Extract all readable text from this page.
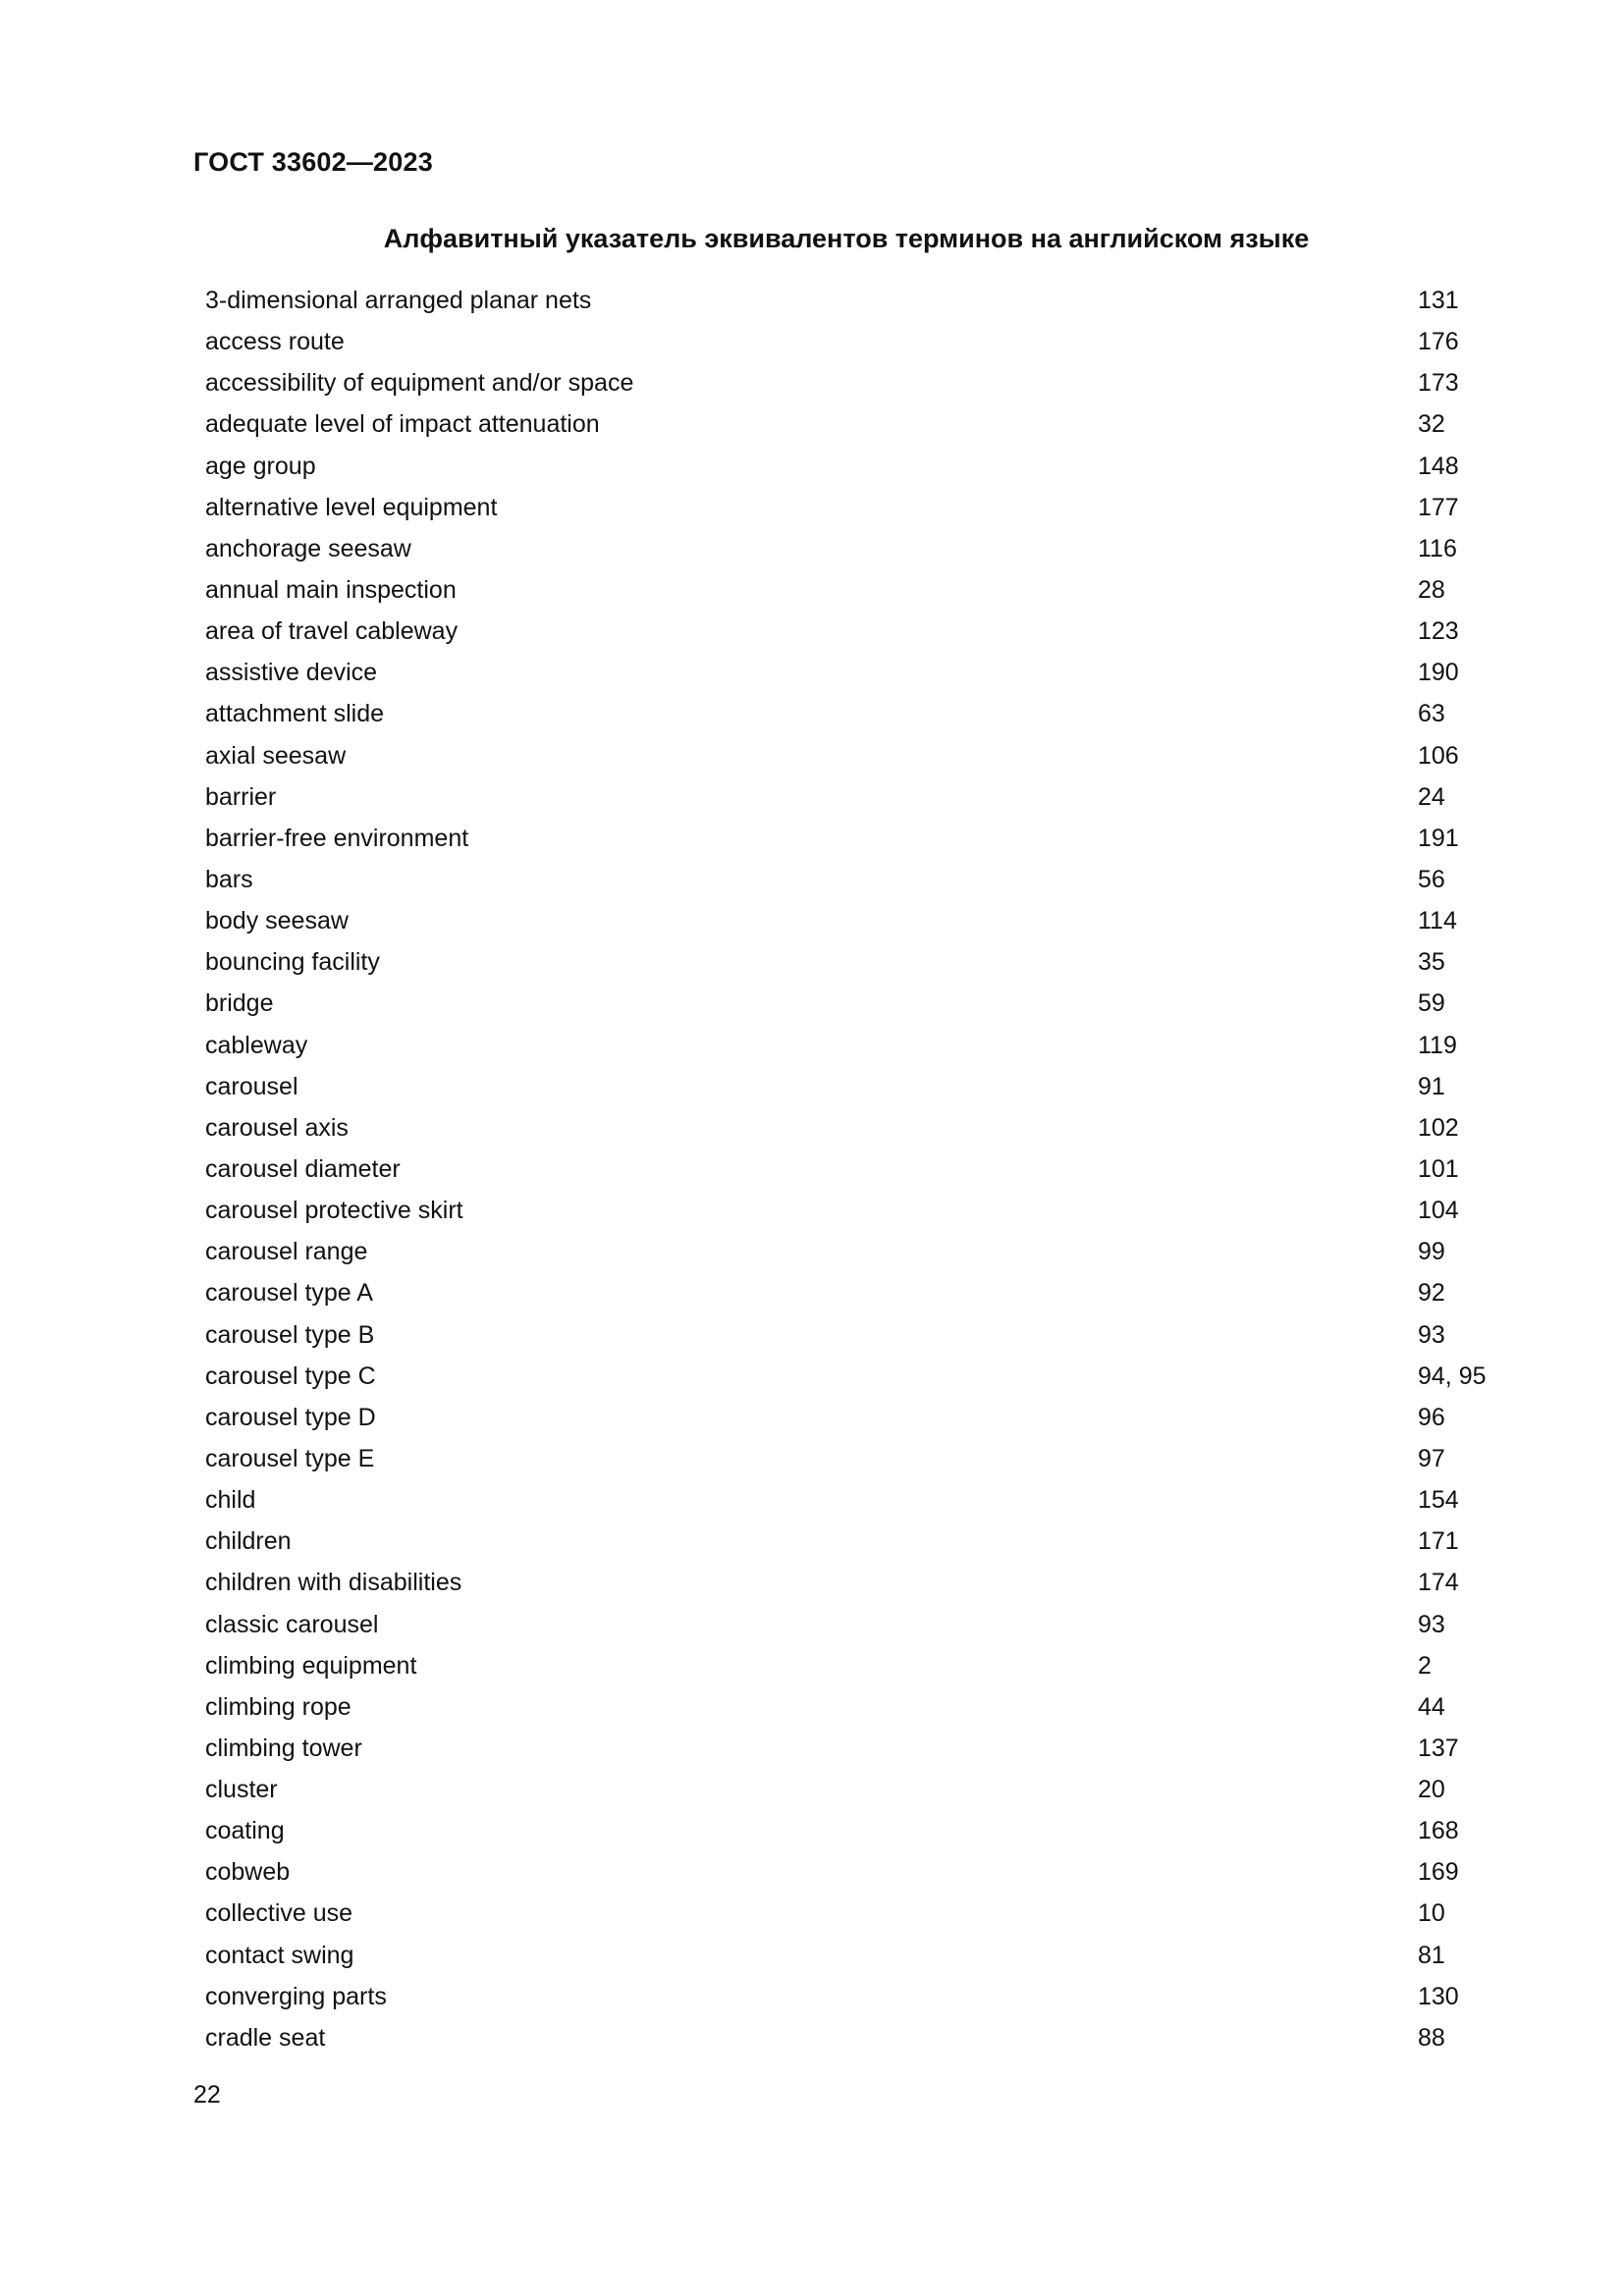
ГОСТ 33602—2023
Алфавитный указатель эквивалентов терминов на английском языке
3-dimensional arranged planar nets	131
access route	176
accessibility of equipment and/or space	173
adequate level of impact attenuation	32
age group	148
alternative level equipment	177
anchorage seesaw	116
annual main inspection	28
area of travel cableway	123
assistive device	190
attachment slide	63
axial seesaw	106
barrier	24
barrier-free environment	191
bars	56
body seesaw	114
bouncing facility	35
bridge	59
cableway	119
carousel	91
carousel axis	102
carousel diameter	101
carousel protective skirt	104
carousel range	99
carousel type A	92
carousel type B	93
carousel type C	94, 95
carousel type D	96
carousel type E	97
child	154
children	171
children with disabilities	174
classic carousel	93
climbing equipment	2
climbing rope	44
climbing tower	137
cluster	20
coating	168
cobweb	169
collective use	10
contact swing	81
converging parts	130
cradle seat	88
22
